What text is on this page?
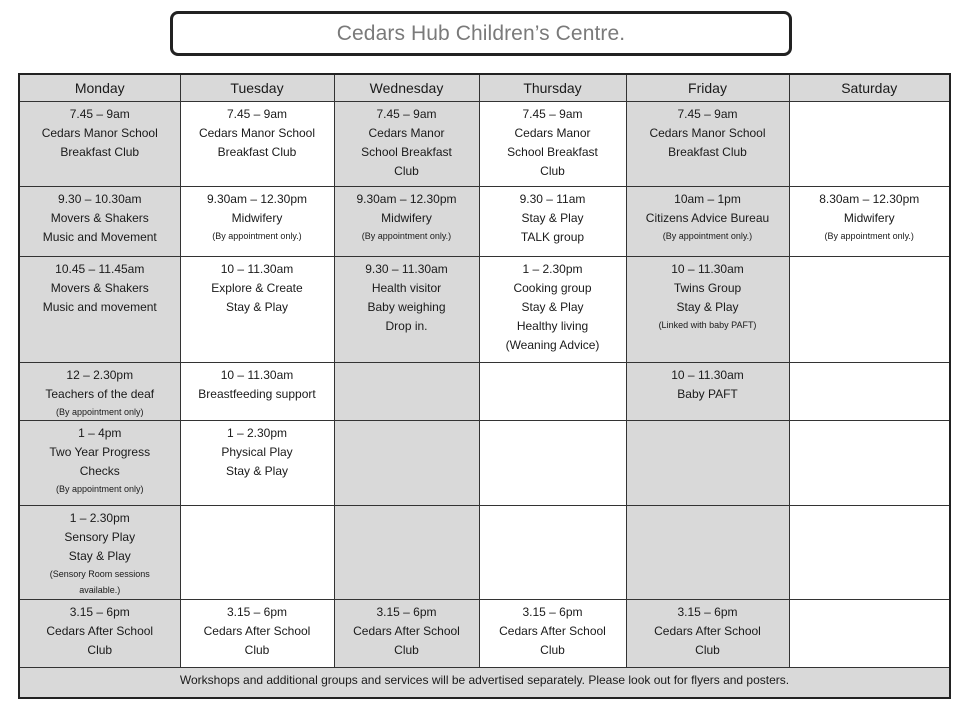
Cedars Hub Children’s Centre.
Monday	Tuesday	Wednesday	Thursday	Friday	Saturday

7.45 – 9am
Cedars Manor School
Breakfast Club	7.45 – 9am
Cedars Manor School
Breakfast Club	7.45 – 9am
Cedars Manor
School Breakfast
Club	7.45 – 9am
Cedars Manor
School Breakfast
Club	7.45 – 9am
Cedars Manor School
Breakfast Club	

9.30 – 10.30am
Movers & Shakers
Music and Movement	9.30am – 12.30pm
Midwifery
(By appointment only.)	9.30am – 12.30pm
Midwifery
(By appointment only.)	9.30 – 11am
Stay & Play
TALK group	10am – 1pm
Citizens Advice Bureau
(By appointment only.)	8.30am – 12.30pm
Midwifery
(By appointment only.)

10.45 – 11.45am
Movers & Shakers
Music and movement	10 – 11.30am
Explore & Create
Stay & Play	9.30 – 11.30am
Health visitor
Baby weighing
Drop in.	1 – 2.30pm
Cooking group
Stay & Play
Healthy living
(Weaning Advice)	10 – 11.30am
Twins Group
Stay & Play
(Linked with baby PAFT)	

12 – 2.30pm
Teachers of the deaf
(By appointment only)	10 – 11.30am
Breastfeeding support			10 – 11.30am
Baby PAFT	

1 – 4pm
Two Year Progress
Checks
(By appointment only)	1 – 2.30pm
Physical Play
Stay & Play				

1 – 2.30pm
Sensory Play
Stay & Play
(Sensory Room sessions
available.)					

3.15 – 6pm
Cedars After School
Club	3.15 – 6pm
Cedars After School
Club	3.15 – 6pm
Cedars After School
Club	3.15 – 6pm
Cedars After School
Club	3.15 – 6pm
Cedars After School
Club	

Workshops and additional groups and services will be advertised separately. Please look out for flyers and posters.					
